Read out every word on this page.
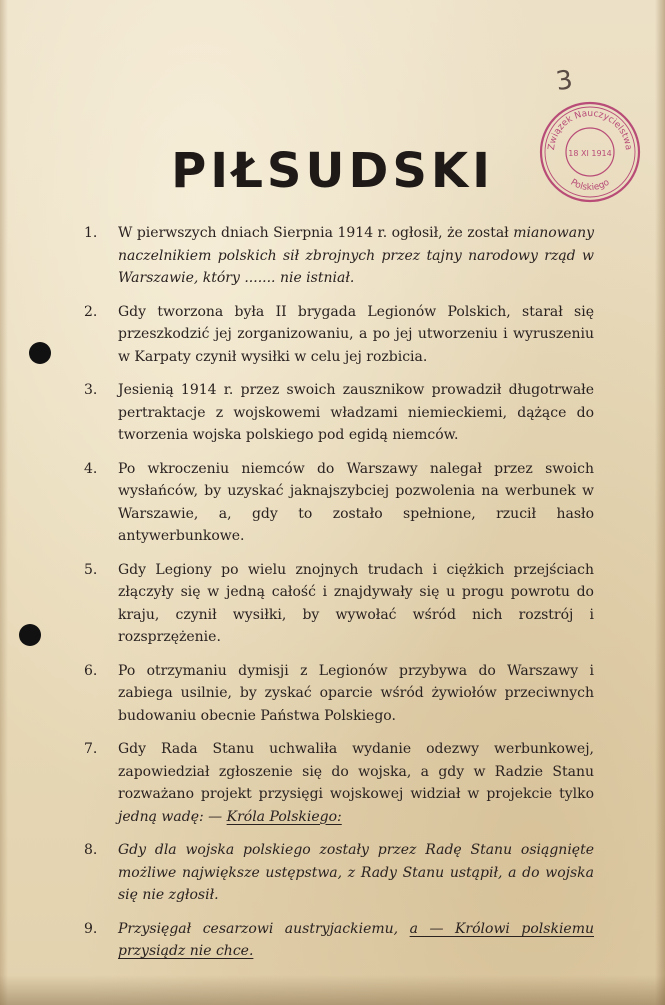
3
Związek Nauczycielstwa
Polskiego
18 XI 1914
PIŁSUDSKI
1. W pierwszych dniach Sierpnia 1914 r. ogłosił, że został mianowany naczelnikiem polskich sił zbrojnych przez tajny narodowy rząd w Warszawie, który ....... nie istniał.
2. Gdy tworzona była II brygada Legionów Polskich, starał się przeszkodzić jej zorganizowaniu, a po jej utworzeniu i wyruszeniu w Karpaty czynił wysiłki w celu jej rozbicia.
3. Jesienią 1914 r. przez swoich zausznikow prowadził długotrwałe pertraktacje z wojskowemi władzami niemieckiemi, dążące do tworzenia wojska polskiego pod egidą niemców.
4. Po wkroczeniu niemców do Warszawy nalegał przez swoich wysłańców, by uzyskać jaknajszybciej pozwolenia na werbunek w Warszawie, a, gdy to zostało spełnione, rzucił hasło antywerbunkowe.
5. Gdy Legiony po wielu znojnych trudach i ciężkich przejściach złączyły się w jedną całość i znajdywały się u progu powrotu do kraju, czynił wysiłki, by wywołać wśród nich rozstrój i rozsprzężenie.
6. Po otrzymaniu dymisji z Legionów przybywa do Warszawy i zabiega usilnie, by zyskać oparcie wśród żywiołów przeciwnych budowaniu obecnie Państwa Polskiego.
7. Gdy Rada Stanu uchwaliła wydanie odezwy werbunkowej, zapowiedział zgłoszenie się do wojska, a gdy w Radzie Stanu rozważano projekt przysięgi wojskowej widział w projekcie tylko jedną wadę: — Króla Polskiego:
8. Gdy dla wojska polskiego zostały przez Radę Stanu osiągnięte możliwe największe ustępstwa, z Rady Stanu ustąpił, a do wojska się nie zgłosił.
9. Przysięgał cesarzowi austryjackiemu, a — Królowi polskiemu przysiądz nie chce.
